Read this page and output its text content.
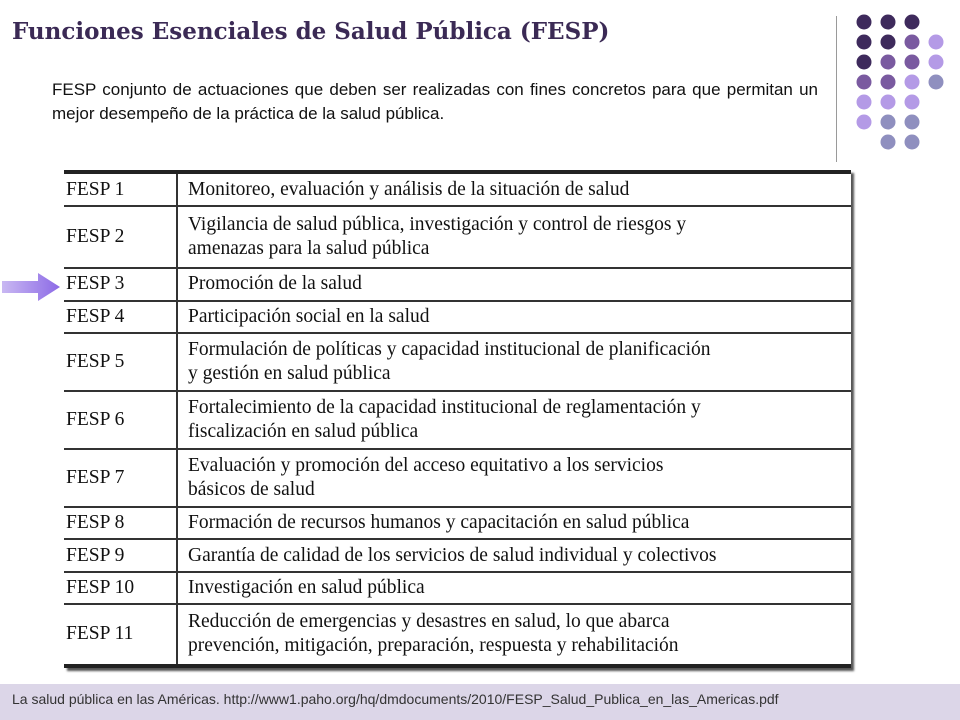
Funciones Esenciales de Salud Pública (FESP)
FESP conjunto de actuaciones que deben ser realizadas con fines concretos para que permitan un mejor desempeño de la práctica de la salud pública.
FESP 1	Monitoreo, evaluación y análisis de la situación de salud

FESP 2	Vigilancia de salud pública, investigación y control de riesgos y
amenazas para la salud pública

FESP 3	Promoción de la salud

FESP 4	Participación social en la salud

FESP 5	Formulación de políticas y capacidad institucional de planificación
y gestión en salud pública

FESP 6	Fortalecimiento de la capacidad institucional de reglamentación y
fiscalización en salud pública

FESP 7	Evaluación y promoción del acceso equitativo a los servicios
básicos de salud

FESP 8	Formación de recursos humanos y capacitación en salud pública

FESP 9	Garantía de calidad de los servicios de salud individual y colectivos

FESP 10	Investigación en salud pública

FESP 11	Reducción de emergencias y desastres en salud, lo que abarca
prevención, mitigación, preparación, respuesta y rehabilitación
La salud pública en las Américas. http://www1.paho.org/hq/dmdocuments/2010/FESP_Salud_Publica_en_las_Americas.pdf
